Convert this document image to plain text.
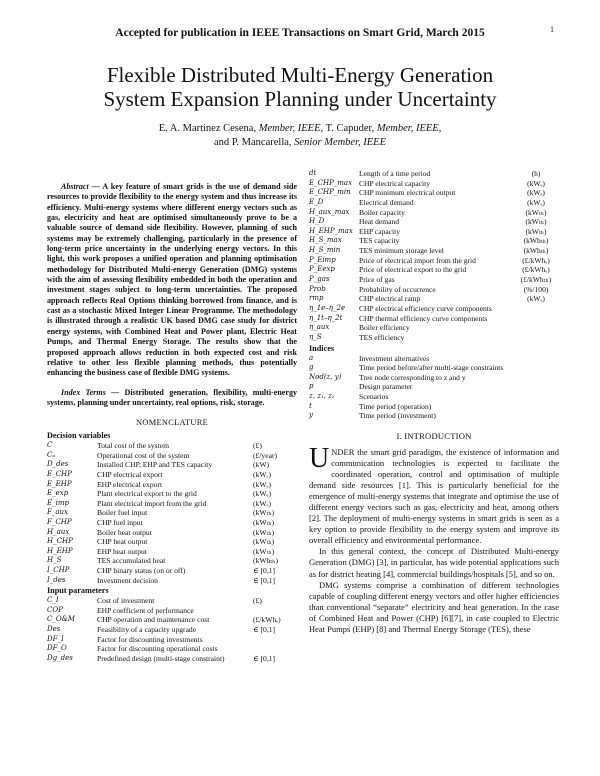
Accepted for publication in IEEE Transactions on Smart Grid, March 2015	1
Flexible Distributed Multi-Energy Generation
System Expansion Planning under Uncertainty
E. A. Martinez Cesena, Member, IEEE, T. Capuder, Member, IEEE,
and P. Mancarella, Senior Member, IEEE

Abstract — A key feature of smart grids is the use of demand side resources to provide flexibility to the energy system and thus increase its efficiency. Multi-energy systems where different energy vectors such as gas, electricity and heat are optimised simultaneously prove to be a valuable source of demand side flexibility. However, planning of such systems may be extremely challenging, particularly in the presence of long-term price uncertainty in the underlying energy vectors. In this light, this work proposes a unified operation and planning optimisation methodology for Distributed Multi-energy Generation (DMG) systems with the aim of assessing flexibility embedded in both the operation and investment stages subject to long-term uncertainties. The proposed approach reflects Real Options thinking borrowed from finance, and is cast as a stochastic Mixed Integer Linear Programme. The methodology is illustrated through a realistic UK based DMG case study for district energy systems, with Combined Heat and Power plant, Electric Heat Pumps, and Thermal Energy Storage. The results show that the proposed approach allows reduction in both expected cost and risk relative to other less flexible planning methods, thus potentially enhancing the business case of flexible DMG systems.

Index Terms — Distributed generation, flexibility, multi-energy systems, planning under uncertainty, real options, risk, storage.

NOMENCLATURE
Decision variables
C	Total cost of the system	(£)
Cₒ	Operational cost of the system	(£/year)
D_des	Installed CHP, EHP and TES capacity	(kW)
E_CHP	CHP electrical export	(kWₑ)
E_EHP	EHP electrical export	(kWₑ)
E_exp	Plant electrical export to the grid	(kWₑ)
E_imp	Plant electrical import from the grid	(kWₑ)
F_aux	Boiler fuel input	(kWₜₕ)
F_CHP	CHP fuel input	(kWₜₕ)
H_aux	Boiler heat output	(kWₜₕ)
H_CHP	CHP heat output	(kWₜₕ)
H_EHP	EHP heat output	(kWₜₕ)
H_S	TES accumulated heat	(kWhₜₕ)
I_CHP	CHP binary status (on or off)	∈ [0,1]
I_des	Investment decision	∈ [0,1]
Input parameters
C_I	Cost of investment	(£)
COP	EHP coefficient of performance
C_O&M	CHP operation and maintenance cost	(£/kWhₑ)
Des	Feasibility of a capacity upgrade	∈ [0,1]
DF_I	Factor for discounting investments
DF_O	Factor for discounting operational costs
Dg_des	Predefined design (multi-stage constraint)	∈ [0,1]
dt	Length of a time period	(h)
E_CHP_max CHP electrical capacity	(kWₑ)
E_CHP_min	CHP minimum electrical output	(kWₑ)
E_D	Electrical demand	(kWₑ)
H_aux_max	Boiler capacity	(kWₜₕ)
H_D	Heat demand	(kWₜₕ)
H_EHP_max EHP capacity	(kWₜₕ)
H_S_max	TES capacity	(kWhₜₕ)
H_S_min	TES minimum storage level	(kWhₜₕ)
P_Eimp	Price of electrical import from the grid	(£/kWhₑ)
P_Eexp	Price of electrical export to the grid	(£/kWhₑ)
P_gas	Price of gas	(£/kWhₜₕ)
Prob	Probability of occurrence	(%/100)
rmp	CHP electrical ramp	(kWₑ)
η_1e–η_2e	CHP electrical efficiency curve components
η_1t–η_2t	CHP thermal efficiency curve components
η_aux	Boiler efficiency
η_S	TES efficiency
Indices
a	Investment alternatives
g	Time period before/after multi-stage constraints
Nod(z, y)	Tree node corresponding to z and y
p	Design parameter
z, z₁, z₂	Scenarios
t	Time period (operation)
y	Time period (investment)
I. INTRODUCTION

UNDER the smart grid paradigm, the existence of information and communication technologies is expected to facilitate the coordinated operation, control and optimisation of multiple demand side resources [1]. This is particularly beneficial for the emergence of multi-energy systems that integrate and optimise the use of different energy vectors such as gas, electricity and heat, among others [2]. The deployment of multi-energy systems in smart grids is seen as a key option to provide flexibility to the energy system and improve its overall efficiency and environmental performance.

In this general context, the concept of Distributed Multi-energy Generation (DMG) [3], in particular, has wide potential applications such as for district heating [4], commercial buildings/hospitals [5], and so on.

DMG systems comprise a combination of different technologies capable of coupling different energy vectors and offer higher efficiencies than conventional “separate” electricity and heat generation. In the case of Combined Heat and Power (CHP) [6][7], in case coupled to Electric Heat Pumps (EHP) [8] and Thermal Energy Storage (TES), these
